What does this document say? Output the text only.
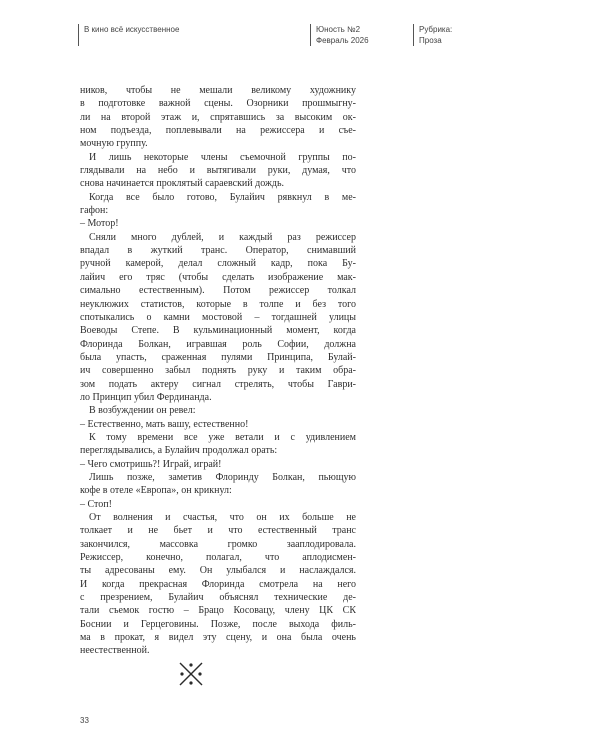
В кино всё искусственное	Юность №2
Февраль 2026
Рубрика:
Проза
ников, чтобы не мешали великому художнику
в подготовке важной сцены. Озорники прошмыгну-
ли на второй этаж и, спрятавшись за высоким ок-
ном подъезда, поплевывали на режиссера и съе-
мочную группу.
И лишь некоторые члены съемочной группы по-
глядывали на небо и вытягивали руки, думая, что
снова начинается проклятый сараевский дождь.
Когда все было готово, Булайич рявкнул в ме-
гафон:
– Мотор!
Сняли много дублей, и каждый раз режиссер
впадал в жуткий транс. Оператор, снимавший
ручной камерой, делал сложный кадр, пока Бу-
лайич его тряс (чтобы сделать изображение мак-
симально естественным). Потом режиссер толкал
неуклюжих статистов, которые в толпе и без того
спотыкались о камни мостовой – тогдашней улицы
Воеводы Степе. В кульминационный момент, когда
Флоринда Болкан, игравшая роль Софии, должна
была упасть, сраженная пулями Принципа, Булай-
ич совершенно забыл поднять руку и таким обра-
зом подать актеру сигнал стрелять, чтобы Гаври-
ло Принцип убил Фердинанда.
В возбуждении он ревел:
– Естественно, мать вашу, естественно!
К тому времени все уже ветали и с удивлением
переглядывались, а Булайич продолжал орать:
– Чего смотришь?! Играй, играй!
Лишь позже, заметив Флоринду Болкан, пьющую
кофе в отеле «Европа», он крикнул:
– Стоп!
От волнения и счастья, что он их больше не
толкает и не бьет и что естественный транс
закончился, массовка громко зааплодировала.
Режиссер, конечно, полагал, что аплодисмен-
ты адресованы ему. Он улыбался и наслаждался.
И когда прекрасная Флоринда смотрела на него
с презрением, Булайич объяснял технические де-
тали съемок гостю – Брацо Косовацу, члену ЦК СК
Боснии и Герцеговины. Позже, после выхода филь-
ма в прокат, я видел эту сцену, и она была очень
неестественной.
33
